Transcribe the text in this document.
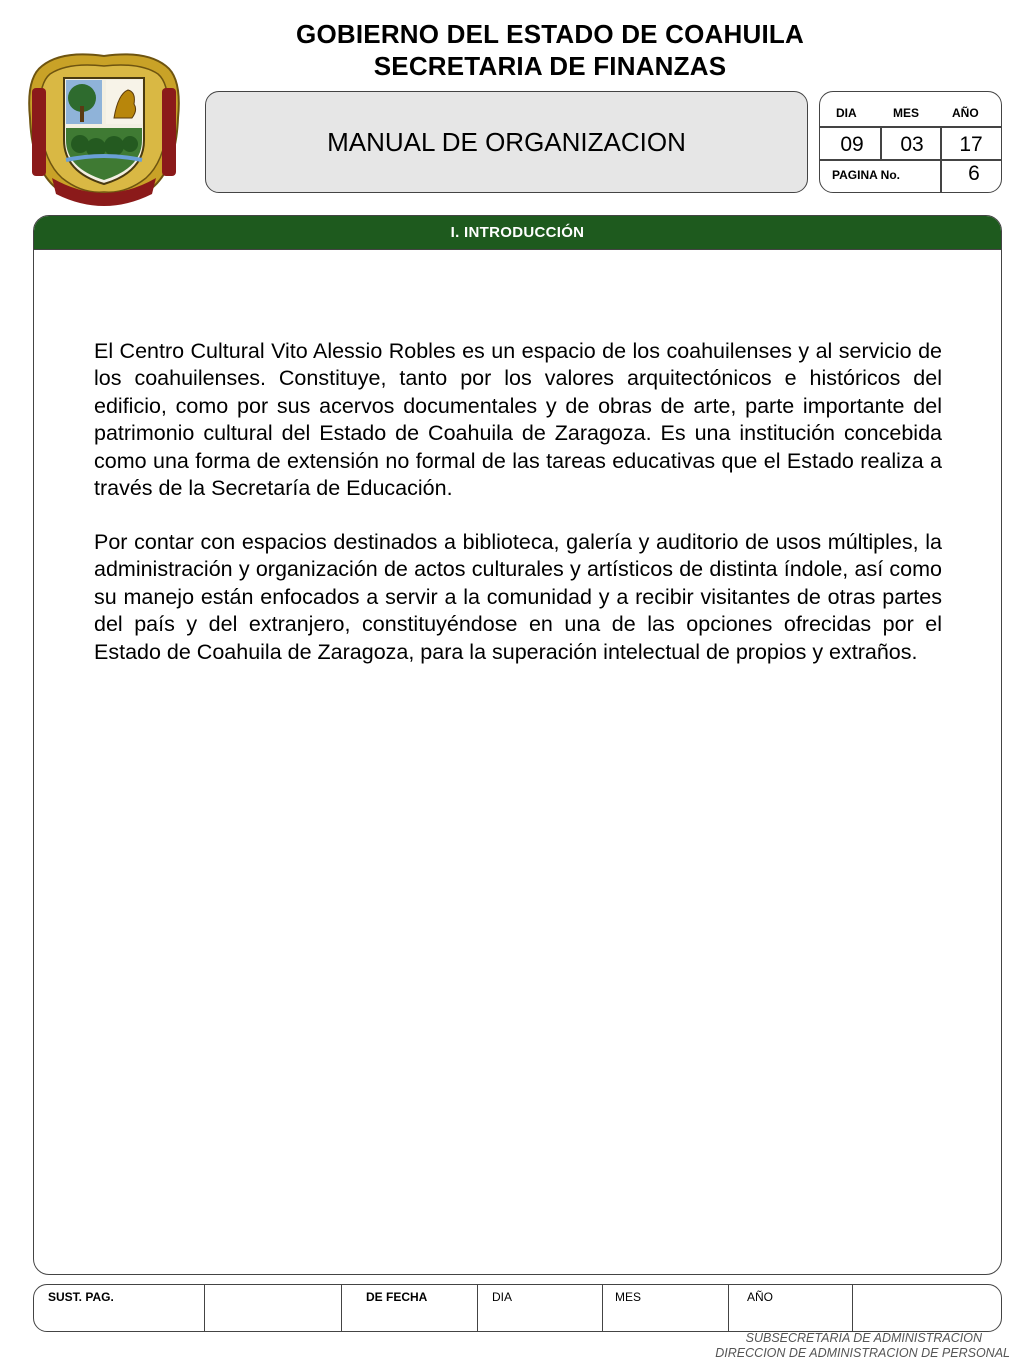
GOBIERNO DEL ESTADO DE COAHUILA
SECRETARIA DE FINANZAS
MANUAL DE ORGANIZACION
DIA	MES	AÑO
09	03	17
PAGINA No.	6
I. INTRODUCCIÓN

El Centro Cultural Vito Alessio Robles es un espacio de los coahuilenses y al servicio de los coahuilenses. Constituye, tanto por los valores arquitectónicos e históricos del edificio, como por sus acervos documentales y de obras de arte, parte importante del patrimonio cultural del Estado de Coahuila de Zaragoza. Es una institución concebida como una forma de extensión no formal de las tareas educativas que el Estado realiza a través de la Secretaría de Educación.

Por contar con espacios destinados a biblioteca, galería y auditorio de usos múltiples, la administración y organización de actos culturales y artísticos de distinta índole, así como su manejo están enfocados a servir a la comunidad y a recibir visitantes de otras partes del país y del extranjero, constituyéndose en una de las opciones ofrecidas por el Estado de Coahuila de Zaragoza, para la superación intelectual de propios y extraños.

SUST. PAG.	DE FECHA	DIA	MES	AÑO
SUBSECRETARIA DE ADMINISTRACION
DIRECCION DE ADMINISTRACION DE PERSONAL
